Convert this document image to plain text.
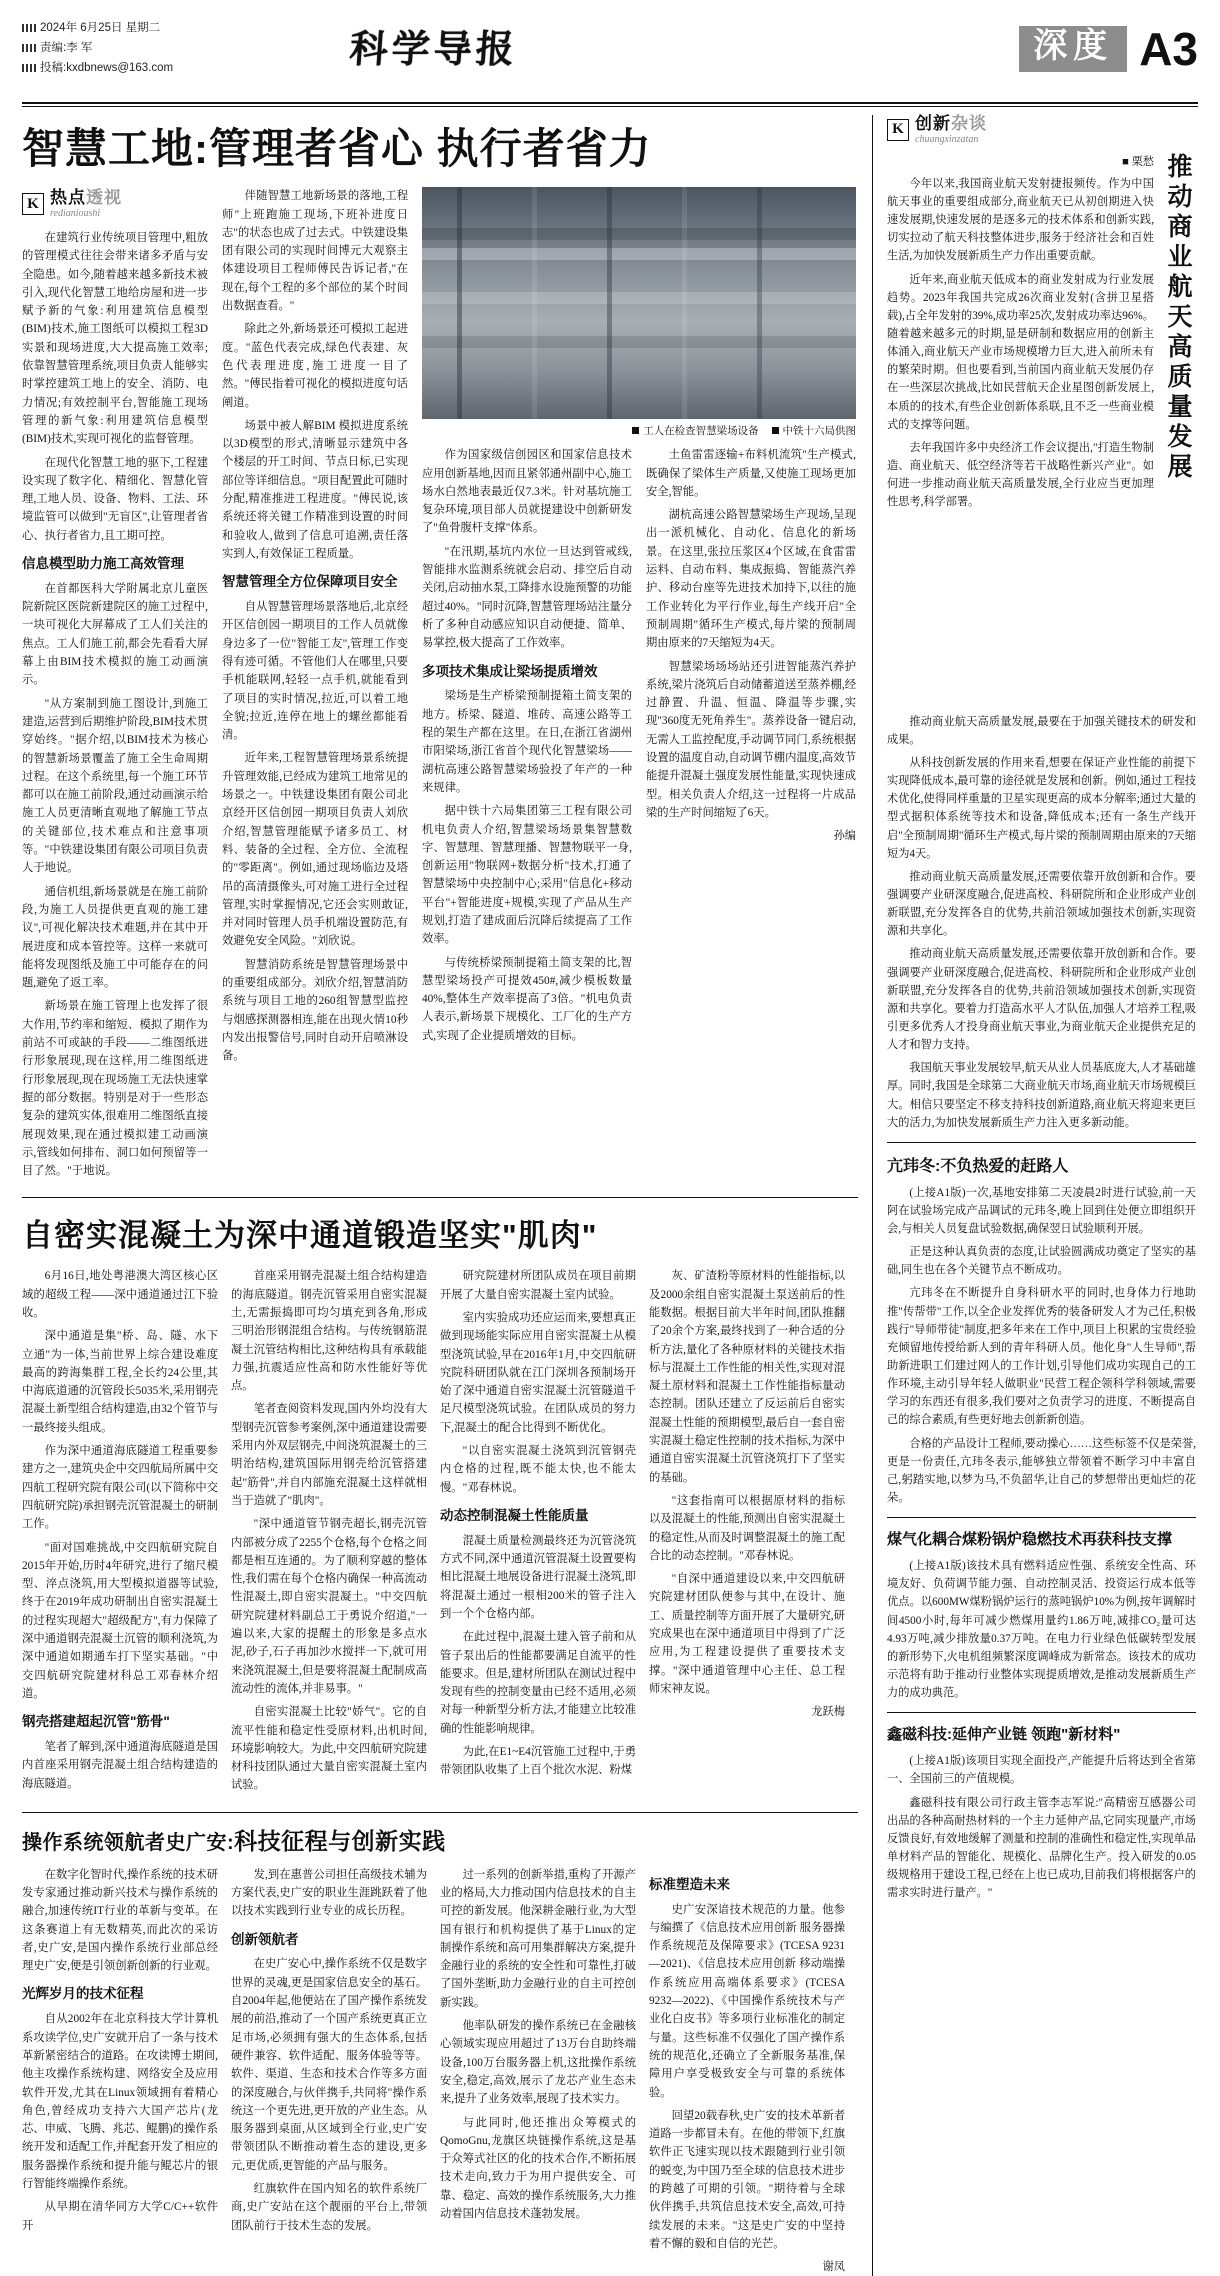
2024年 6月25日 星期二
责编:李 军
投稿:kxdbnews@163.com	科学导报	深度 A3
智慧工地:管理者省心 执行者省力
K 热点透视
redianioushi

在建筑行业传统项目管理中,粗放的管理模式往往会带来诸多矛盾与安全隐患。如今,随着越来越多新技术被引入,现代化智慧工地给房屋和进一步赋予新的气象:利用建筑信息模型(BIM)技术,施工图纸可以模拟工程3D实景和现场进度,大大提高施工效率;依靠智慧管理系统,项目负责人能够实时掌控建筑工地上的安全、消防、电力情况;有效控制平台,智能施工现场管理的新气象:利用建筑信息模型(BIM)技术,实现可视化的监督管理。

在现代化智慧工地的驱下,工程建设实现了数字化、精细化、智慧化管理,工地人员、设备、物料、工法、环境监管可以做到"无盲区",让管理者省心、执行者省力,且工期可控。

信息模型助力施工高效管理

在首都医科大学附属北京儿童医院新院区医院新建院区的施工过程中,一块可视化大屏幕成了工人们关注的焦点。工人们施工前,都会先看看大屏幕上由BIM技术模拟的施工动画演示。

"从方案制到施工图设计,到施工建造,运营到后期维护阶段,BIM技术贯穿始终。"据介绍,以BIM技术为核心的智慧新场景覆盖了施工全生命周期过程。在这个系统里,每一个施工环节都可以在施工前阶段,通过动画演示给施工人员更清晰直观地了解施工节点的关键部位,技术难点和注意事项等。"中铁建设集团有限公司项目负责人于地说。

通信机组,新场景就是在施工前阶段,为施工人员提供更直观的施工建议",可视化解决技术难题,并在其中开展进度和成本管控等。这样一来就可能将发现图纸及施工中可能存在的问题,避免了返工率。

新场景在施工管理上也发挥了很大作用,节约率和缩短、模拟了期作为前站不可或缺的手段——二维图纸进行形象展现,现在这样,用二维图纸进行形象展现,现在现场施工无法快速掌握的部分数据。特别是对于一些形态复杂的建筑实体,很难用二维图纸直接展现效果,现在通过模拟建工动画演示,管线如何排布、洞口如何预留等一目了然。"于地说。

伴随智慧工地新场景的落地,工程师"上班跑施工现场,下班补进度日志"的状态也成了过去式。中铁建设集团有限公司的实现时间博元大观察主体建设项目工程师傅民告诉记者,"在现在,每个工程的多个部位的某个时间出数据查看。"

除此之外,新场景还可模拟工起进度。"蓝色代表完成,绿色代表建、灰色代表理进度,施工进度一目了然。"傅民指着可视化的模拟进度句话阐道。

场景中被人解BIM 模拟进度系统以3D模型的形式,清晰显示建筑中各个楼层的开工时间、节点日标,已实现部位等详细信息。"项目配置此可随时分配,精准推进工程进度。"傅民说,该系统还将关键工作精准到设置的时间和验收人,做到了信息可追溯,责任落实到人,有效保证工程质量。

智慧管理全方位保障项目安全

自从智慧管理场景落地后,北京经开区信创园一期项目的工作人员就像身边多了一位"智能工友",管理工作变得有迹可循。不管他们人在哪里,只要手机能联网,轻轻一点手机,就能看到了项目的实时情况,拉近,可以着工地全貌;拉近,连停在地上的螺丝都能看清。

近年来,工程智慧管理场景系统提升管理效能,已经成为建筑工地常见的场景之一。中铁建设集团有限公司北京经开区信创园一期项目负责人刘欣介绍,智慧管理能赋予诸多员工、材料、装备的全过程、全方位、全流程的"零距离"。例如,通过现场临边及塔吊的高清摄像头,可对施工进行全过程管理,实时掌握情况,它还会实则敢证,并对同时管理人员手机端设置防范,有效避免安全风险。"刘欣说。

智慧消防系统是智慧管理场景中的重要组成部分。刘欣介绍,智慧消防系统与项目工地的260组智慧型监控与烟感探测器相连,能在出现火情10秒内发出报警信号,同时自动开启喷淋设备。

工人在检查智慧梁场设备 中铁十六局供图

作为国家级信创园区和国家信息技术应用创新基地,因而且紧邻通州副中心,施工场水白然地表最近仅7.3米。针对基坑施工复杂环境,项目部人员就提建设中创新研发了"鱼骨腹杆支撑"体系。

"在汛期,基坑内水位一旦达到管戒线,智能排水监测系统就会启动、排空后自动关闭,启动抽水泵,工降排水设施预警的功能超过40%。"同时沉降,智慧管理场站注量分析了多种自动感应知识自动便捷、简单、易掌控,极大提高了工作效率。

多项技术集成让梁场提质增效

梁场是生产桥梁预制提箱土简支架的地方。桥梁、隧道、堆砖、高速公路等工程的架生产都在这里。在日,在浙江省湖州市阳梁场,浙江省首个现代化智慧梁场——湖杭高速公路智慧梁场验投了年产的一种来规律。

据中铁十六局集团第三工程有限公司机电负责人介绍,智慧梁场场景集智慧数字、智慧理、智慧理播、智慧物联平一身,创新运用"物联网+数据分析"技术,打通了智慧梁场中央控制中心;采用"信息化+移动平台"+智能进度+规模,实现了产品从生产规划,打造了建成面后沉降后续提高了工作效率。

与传统桥梁预制提箱土简支架的比,智慧型梁场投产可提效450#,减少模板数量 40%,整体生产效率提高了3倍。"机电负责人表示,新场景下规模化、工厂化的生产方式,实现了企业提质增效的目标。

土鱼雷雷逐输+布料机流筑"生产模式,既确保了梁体生产质量,又使施工现场更加安全,智能。

湖杭高速公路智慧梁场生产现场,呈现出一派机械化、自动化、信息化的新场景。在这里,张拉压浆区4个区域,在食雷雷运料、自动布料、集成振捣、智能蒸汽养护、移动台座等先进技术加持下,以往的施工作业转化为平行作业,每生产线开启"全预制周期"循环生产模式,每片梁的预制周期由原来的7天缩短为4天。

智慧梁场场场站还引进智能蒸汽养护系统,梁片浇筑后自动储蓄道送至蒸养棚,经过静置、升温、恒温、降温等步骤,实现"360度无死角养生"。蒸养设备一键启动,无需人工监控配度,手动调节同门,系统根据设置的温度自动,自动调节棚内温度,高效节能提升混凝土强度发展性能量,实现快速成型。相关负责人介绍,这一过程将一片成品梁的生产时间缩短了6天。

孙编
自密实混凝土为深中通道锻造坚实"肌肉"

6月16日,地处粤港澳大湾区核心区域的超级工程——深中通道通过江下验收。

深中通道是集"桥、岛、隧、水下立通"为一体,当前世界上综合建设难度最高的跨海集群工程,全长约24公里,其中海底道通的沉管段长5035米,采用钢壳混凝土新型组合结构建造,由32个管节与一最终接头组成。

作为深中通道海底隧道工程重要参建方之一,建筑央企中交四航局所属中交四航工程研究院有限公司(以下简称中交四航研究院)承担钢壳沉管混凝土的研制工作。

"面对国难挑战,中交四航研究院自2015年开始,历时4年研究,进行了缩尺模型、淬点浇筑,用大型模拟道器等试验,终于在2019年成功研制出自密实混凝土的过程实现超大"超级配方",有力保障了深中通道钢壳混凝土沉管的顺利浇筑,为深中通道如期通车打下坚实基础。"中交四航研究院建材科总工邓春林介绍道。

钢壳搭建超起沉管"筋骨"

笔者了解到,深中通道海底隧道是国内首座采用钢壳混凝土组合结构建造的海底隧道。

首座采用钢壳混凝土组合结构建造的海底隧道。钢壳沉管采用自密实混凝土,无需振捣即可均匀填充到各角,形成三明治形钢混组合结构。与传统钢筋混凝土沉管结构相比,这种结构具有承载能力强,抗震适应性高和防水性能好等优点。

笔者查阅资料发现,国内外均没有大型钢壳沉管参考案例,深中通道建设需要采用内外双层钢壳,中间浇筑混凝土的三明治结构,建筑国际用钢壳给沉管搭建起"筋骨",并自内部施充混凝土这样就相当于造就了"肌肉"。

"深中通道管节钢壳超长,钢壳沉管内部被分成了2255个仓格,每个仓格之间都是相互连通的。为了顺利穿越的整体性,我们需在每个仓格内确保一种高流动性混凝土,即自密实混凝土。"中交四航研究院建材料副总工于勇说介绍道,"一遍以来,大家的提醒土的形象是多点水泥,砂子,石子再加沙水搅拌一下,就可用来浇筑混凝土,但是要将混凝土配制成高流动性的流体,并非易事。"

自密实混凝土比较"娇气"。它的自流平性能和稳定性受原材料,出机时间,环境影响较大。为此,中交四航研究院建材科技团队通过大量自密实混凝土室内试验。

研究院建材所团队成员在项目前期开展了大量自密实混凝土室内试验。

室内实验成功还应运而来,要想真正做到现场能实际应用自密实混凝土从模型浇筑试验,早在2016年1月,中交四航研究院科研团队就在江门深圳各预制场开始了深中通道自密实混凝土沉管隧道千足尺模型浇筑试验。在团队成员的努力下,混凝土的配合比得到不断优化。

"以自密实混凝土浇筑到沉管钢壳内仓格的过程,既不能太快,也不能太慢。"邓春林说。

动态控制混凝土性能质量

混凝土质量检测最终还为沉管浇筑方式不同,深中通道沉管混凝土设置要构相比混凝土地展设备进行混凝土浇筑,即将混凝土通过一根相200米的管子注入到一个个仓格内部。

在此过程中,混凝土建入管子前和从管子泵出后的性能都要满足自流平的性能要求。但是,建材所团队在测试过程中发现有些的控制变量由已经不适用,必须对每一种新型分析方法,才能建立比较准确的性能影响规律。

为此,在E1~E4沉管施工过程中,于勇带领团队收集了上百个批次水泥、粉煤

灰、矿渣粉等原材料的性能指标,以及2000余组自密实混凝土泵送前后的性能数据。根据目前大半年时间,团队推翻了20余个方案,最终找到了一种合适的分析方法,量化了各种原材料的关键技术指标与混凝土工作性能的相关性,实现对混凝土原材料和混凝土工作性能指标量动态控制。团队还建立了反运前后自密实混凝土性能的预期模型,最后自一套自密实混凝土稳定性控制的技术指标,为深中通道自密实混凝土沉管浇筑打下了坚实的基础。

"这套指南可以根据原材料的指标以及混凝土的性能,预测出自密实混凝土的稳定性,从而及时调整混凝土的施工配合比的动态控制。"邓春林说。

"自深中通道建设以来,中交四航研究院建材团队便参与其中,在设计、施工、质量控制等方面开展了大量研究,研究成果也在深中通道项目中得到了广泛应用,为工程建设提供了重要技术支撑。"深中通道管理中心主任、总工程师宋神友说。

龙跃梅
操作系统领航者史广安:科技征程与创新实践

在数字化智时代,操作系统的技术研发专家通过推动新兴技术与操作系统的融合,加速传统IT行业的革新与变革。在这条赛道上有无数精英,而此次的采访者,史广安,是国内操作系统行业部总经理史广安,便是引领创新创新的行业观。

光辉岁月的技术征程

自从2002年在北京科技大学计算机系攻读学位,史广安就开启了一条与技术革新紧密结合的道路。在攻读博士期间,他主攻操作系统构建、网络安全及应用软件开发,尤其在Linux领域拥有着精心角色,曾经成功支持六大国产芯片(龙芯、申威、飞腾、兆芯、鲲鹏)的操作系统开发和适配工作,并配套开发了相应的服务器操作系统和提升能与鲲芯片的银行智能终端操作系统。

从早期在清华同方大学C/C++软件开

发,到在惠普公司担任高级技术辅为方案代表,史广安的职业生涯跳跃着了他以技术实践到行业专业的成长历程。

创新领航者

在史广安心中,操作系统不仅是数字世界的灵魂,更是国家信息安全的基石。自2004年起,他便站在了国产操作系统发展的前沿,推动了一个国产系统更真正立足市场,必须拥有强大的生态体系,包括硬件兼容、软件适配、服务体验等等。软件、渠道、生态和技术合作等多方面的深度融合,与伙伴携手,共同将"操作系统这一个更先进,更开放的产业生态。从服务器到桌面,从区域到全行业,史广安带领团队不断推动着生态的建设,更多元,更优质,更智能的产品与服务。

红旗软件在国内知名的软件系统厂商,史广安站在这个靓丽的平台上,带领团队前行于技术生态的发展。

过一系列的创新举措,重构了开源产业的格局,大力推动国内信息技术的自主可控的新发展。他深耕金融行业,为大型国有银行和机构提供了基于Linux的定制操作系统和高可用集群解决方案,提升金融行业的系统的安全性和可靠性,打破了国外垄断,助力金融行业的自主可控创新实践。

他率队研发的操作系统已在金融核心领域实现应用超过了13万台自助终端设备,100万台服务器上机,这批操作系统安全,稳定,高效,展示了龙芯产业生态未来,提升了业务效率,展现了技术实力。

与此同时,他还推出众筹模式的QomoGnu,龙旗区块链操作系统,这是基于众筹式社区的化的技术合作,不断拓展技术走向,致力于为用户提供安全、可靠、稳定、高效的操作系统服务,大力推动着国内信息技术蓬勃发展。

标准塑造未来

史广安深谙技术规范的力量。他参与编撰了《信息技术应用创新 服务器操作系统规范及保障要求》(TCESA 9231—2021)、《信息技术应用创新 移动端操作系统应用高端体系要求》(TCESA 9232—2022)、《中国操作系统技术与产业化白皮书》等多项行业标准化的制定与量。这些标准不仅强化了国产操作系统的规范化,还确立了全新服务基准,保障用户享受极致安全与可靠的系统体验。

回望20载春秋,史广安的技术革新者道路一步都冒未有。在他的带领下,红旗软件正飞速实现以技术跟随到行业引领的蜕变,为中国乃至全球的信息技术进步的跨越了可期的引领。"期待着与全球伙伴携手,共筑信息技术安全,高效,可持续发展的未来。"这是史广安的中坚持着不懈的毅和自信的光芒。

谢凤
K 创新杂谈
chuangxinzatan
推动商业航天高质量发展
■ 栗愁

今年以来,我国商业航天发射捷报频传。作为中国航天事业的重要组成部分,商业航天已从初创期进入快速发展期,快速发展的是逐多元的技术体系和创新实践,切实拉动了航天科技整体进步,服务于经济社会和百姓生活,为加快发展新质生产力作出重要贡献。

近年来,商业航天低成本的商业发射成为行业发展趋势。2023年我国共完成26次商业发射(含拼卫星搭载),占全年发射的39%,成功率25次,发射成功率达96%。随着越来越多元的时期,显是研制和数据应用的创新主体涌入,商业航天产业市场规模增力巨大,进入前所未有的繁荣时期。但也要看到,当前国内商业航天发展仍存在一些深层次挑战,比如民营航天企业星图创新发展上,本质的的技术,有些企业创新体系联,且不乏一些商业模式的支撑等问题。

去年我国许多中央经济工作会议提出,"打造生物制造、商业航天、低空经济等若干战略性新兴产业"。如何进一步推动商业航天高质量发展,全行业应当更加理性思考,科学部署。

推动商业航天高质量发展,最要在于加强关键技术的研发和成果。

从科技创新发展的作用来看,想要在保证产业性能的前提下实现降低成本,最可靠的途径就是发展和创新。例如,通过工程技术优化,使得同样重量的卫星实现更高的成本分解率;通过大量的型式据积体系统等技术和设备,降低成本;还有一条生产线开启"全预制周期"循环生产模式,每片梁的预制周期由原来的7天缩短为4天。

推动商业航天高质量发展,还需要依靠开放创新和合作。要强调要产业研深度融合,促进高校、科研院所和企业形成产业创新联盟,充分发挥各自的优势,共前沿领域加强技术创新,实现资源和共享化。

推动商业航天高质量发展,还需要依靠开放创新和合作。要强调要产业研深度融合,促进高校、科研院所和企业形成产业创新联盟,充分发挥各自的优势,共前沿领域加强技术创新,实现资源和共享化。要着力打造高水平人才队伍,加强人才培养工程,吸引更多优秀人才投身商业航天事业,为商业航天企业提供充足的人才和智力支持。

我国航天事业发展较早,航天从业人员基底庞大,人才基础雄厚。同时,我国是全球第二大商业航天市场,商业航天市场规模巨大。相信只要坚定不移支持科技创新道路,商业航天将迎来更巨大的活力,为加快发展新质生产力注入更多新动能。

亢玮冬:不负热爱的赶路人

(上接A1版)一次,基地安排第二天凌晨2时进行试验,前一天阿在试验场完成产品调试的元玮冬,晚上回到住处便立即组织开会,与相关人员复盘试验数据,确保翌日试验顺利开展。

正是这种认真负责的态度,让试验圆满成功奠定了坚实的基础,同生也在各个关键节点不断成功。

亢玮冬在不断提升自身科研水平的同时,也身体力行地助推"传帮带"工作,以全企业发挥优秀的装备研发人才为己任,积极践行"导师带徒"制度,把多年来在工作中,项目上积累的宝贵经验充倾留地传授给新人到的青年科研人员。他化身"人生导师",帮助新进职工们建过网人的工作计划,引导他们成功实现自己的工作环境,主动引导年轻人做职业"民营工程企领科学科领域,需要学习的东西还有很多,我们要对之负责学习的进度、不断提高自己的综合素质,有些更好地去创新新创造。

合格的产品设计工程师,要动操心……这些标签不仅是荣誉,更是一份责任,亢玮冬表示,能够独立带领着不断学习中丰富自己,躬踏实地,以梦为马,不负韶华,让自己的梦想带出更灿烂的花朵。

煤气化耦合煤粉锅炉稳燃技术再获科技支撑

(上接A1版)该技术具有燃料适应性强、系统安全性高、环境友好、负荷调节能力强、自动控制灵活、投资运行成本低等优点。以600MW煤粉锅炉运行的蒸吨锅炉10%为例,按年调解时间4500小时,每年可减少燃煤用量约1.86万吨,减排CO₂量可达4.93万吨,减少排放量0.37万吨。在电力行业绿色低碳转型发展的新形势下,火电机组频繁深度调峰成为新常态。该技术的成功示范将有助于推动行业整体实现提质增效,是推动发展新质生产力的成功典范。

鑫磁科技:延伸产业链 领跑"新材料"

(上接A1版)该项目实现全面投产,产能提升后将达到全省第一、全国前三的产值规模。

鑫磁科技有限公司行政主管李志军说:"高精密互感器公司出品的各种高耐热材料的一个主力延伸产品,它同实现量产,市场反馈良好,有效地缓解了测量和控制的准确性和稳定性,实现单品单材料产品的智能化、规模化、品牌化生产。投入研发的0.05级规格用于建设工程,已经在上也已成功,目前我们将根据客户的需求实时进行量产。"
